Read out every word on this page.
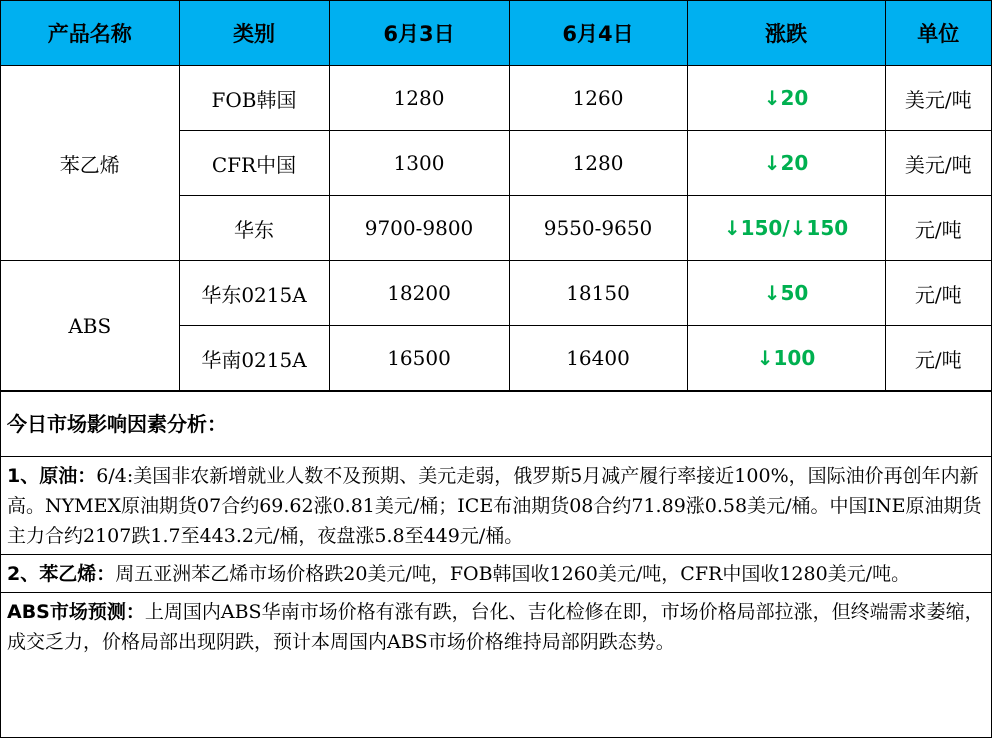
产品名称	类别	6月3日	6月4日	涨跌	单位
苯乙烯	FOB韩国	1280	1260	↓20	美元/吨
	CFR中国	1300	1280	↓20	美元/吨
	华东	9700-9800	9550-9650	↓150/↓150	元/吨
ABS	华东0215A	18200	18150	↓50	元/吨
	华南0215A	16500	16400	↓100	元/吨
今日市场影响因素分析：
1、原油：6/4:美国非农新增就业人数不及预期、美元走弱，俄罗斯5月减产履行率接近100%，国际油价再创年内新高。NYMEX原油期货07合约69.62涨0.81美元/桶；ICE布油期货08合约71.89涨0.58美元/桶。中国INE原油期货主力合约2107跌1.7至443.2元/桶，夜盘涨5.8至449元/桶。
2、苯乙烯：周五亚洲苯乙烯市场价格跌20美元/吨，FOB韩国收1260美元/吨，CFR中国收1280美元/吨。
ABS市场预测：上周国内ABS华南市场价格有涨有跌，台化、吉化检修在即，市场价格局部拉涨，但终端需求萎缩，成交乏力，价格局部出现阴跌，预计本周国内ABS市场价格维持局部阴跌态势。
